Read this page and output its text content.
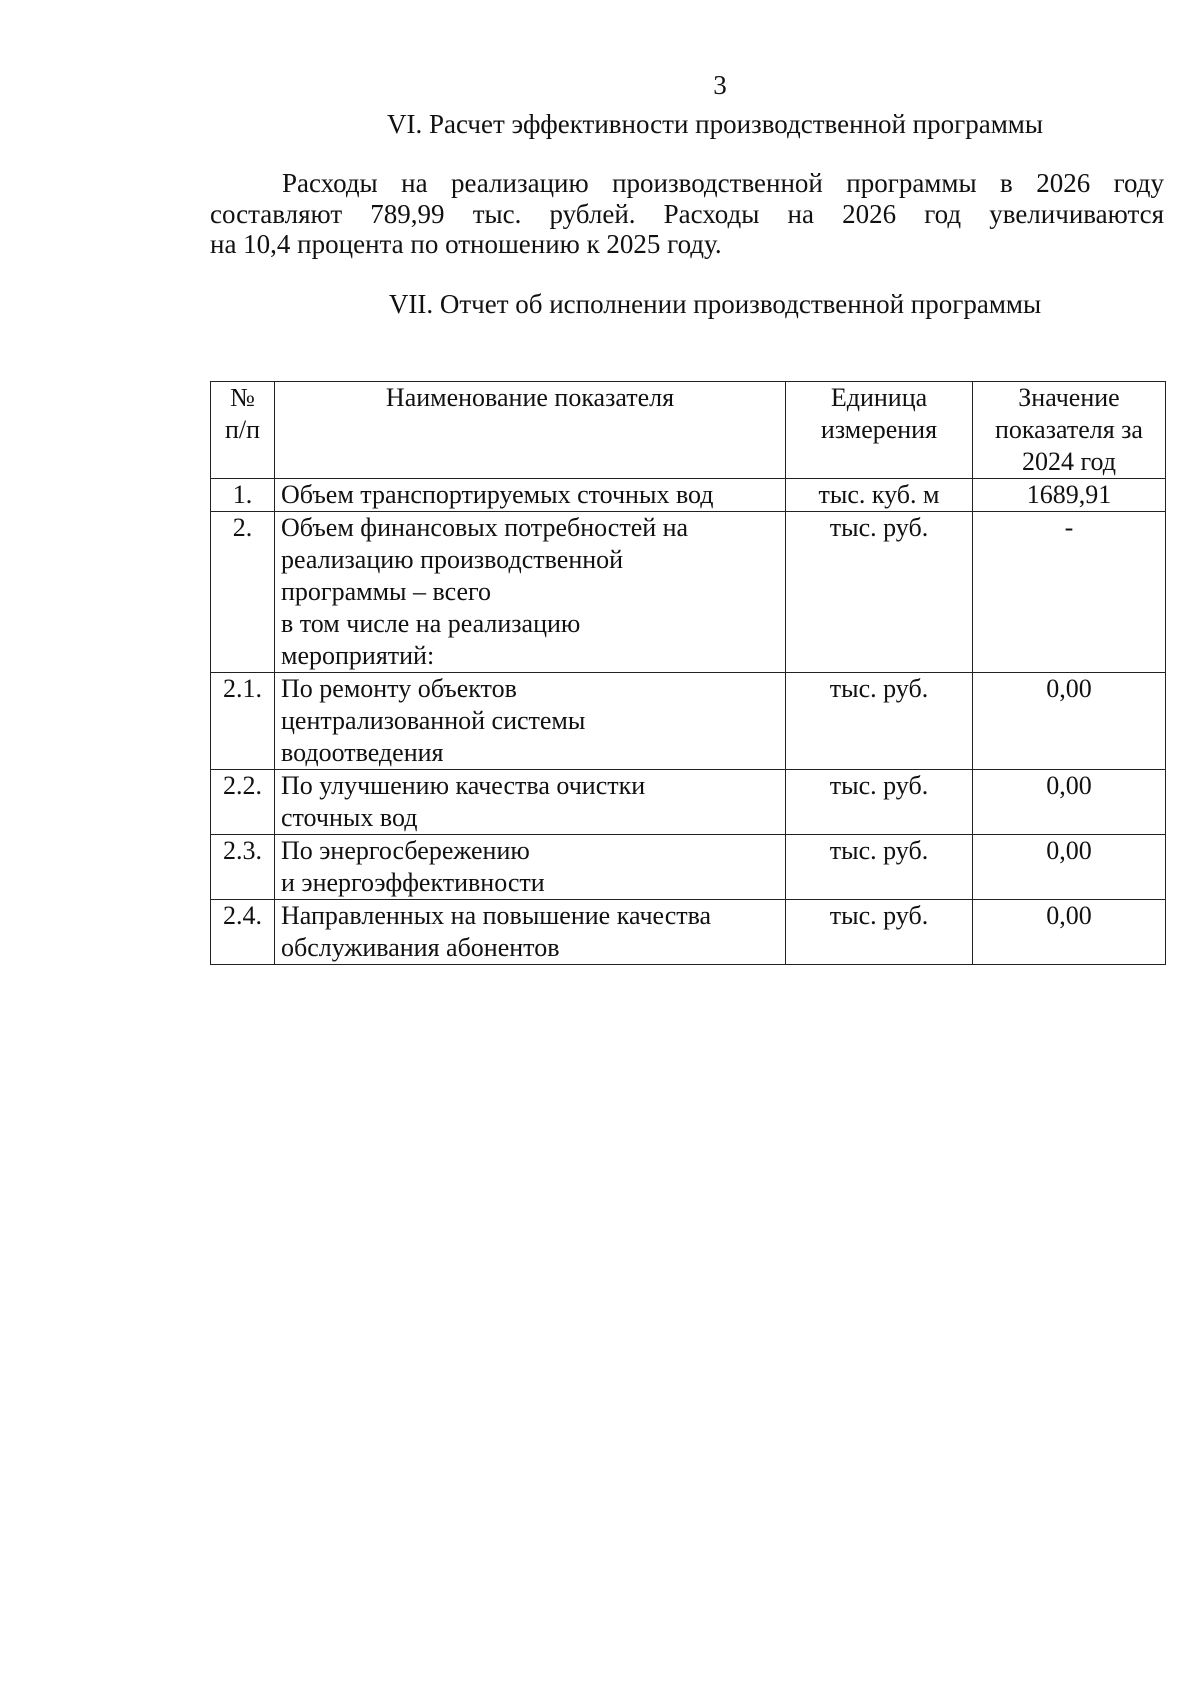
3
VI. Расчет эффективности производственной программы
Расходы на реализацию производственной программы в 2026 году
составляют 789,99 тыс. рублей. Расходы на 2026 год увеличиваются
на 10,4 процента по отношению к 2025 году.
VII. Отчет об исполнении производственной программы
№ п/п	Наименование показателя	Единица измерения	Значение показателя за 2024 год
1.	Объем транспортируемых сточных вод	тыс. куб. м	1689,91
2.	Объем финансовых потребностей на
реализацию производственной
программы – всего
в том числе на реализацию
мероприятий:	тыс. руб.	-
2.1.	По ремонту объектов
централизованной системы
водоотведения	тыс. руб.	0,00
2.2.	По улучшению качества очистки
сточных вод	тыс. руб.	0,00
2.3.	По энергосбережению
и энергоэффективности	тыс. руб.	0,00
2.4.	Направленных на повышение качества
обслуживания абонентов	тыс. руб.	0,00
